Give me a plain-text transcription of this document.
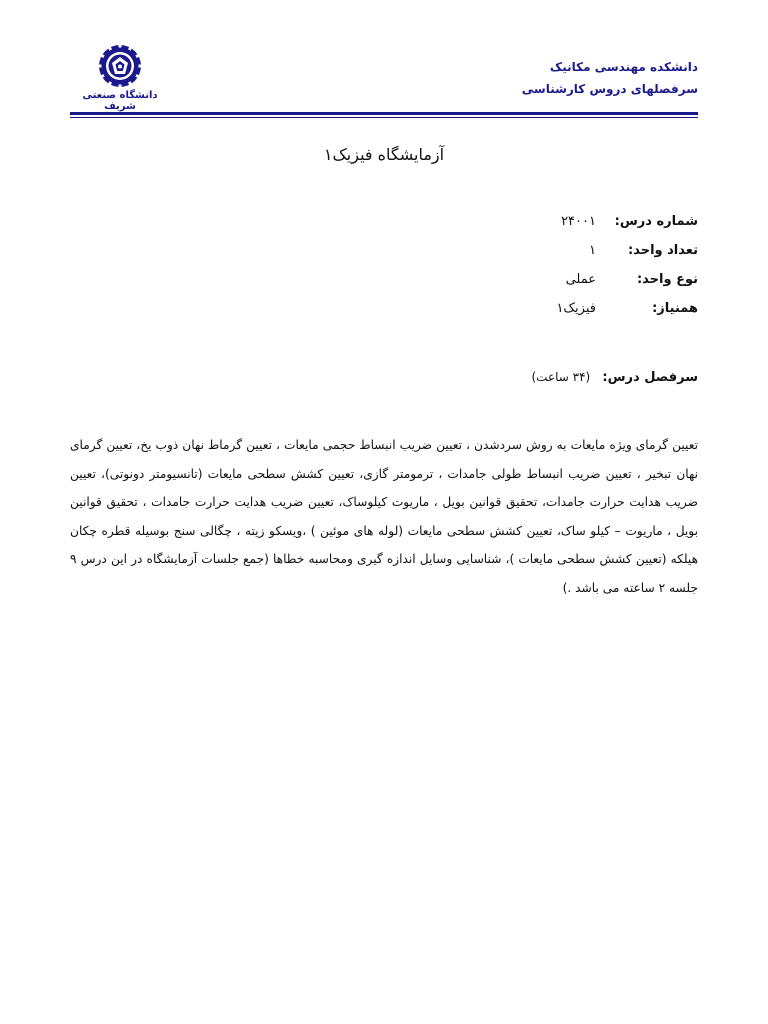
دانشکده مهندسی مکانیک
سرفصلهای دروس کارشناسی
دانشگاه صنعتی شریف
آزمایشگاه فیزیک۱
شماره درس:
۲۴۰۰۱
تعداد واحد:
۱
نوع واحد:
عملی
همنیاز:
فیزیک۱
سرفصل درس: (۳۴ ساعت)

تعیین گرمای ویژه مایعات به روش سردشدن ، تعیین ضریب انبساط حجمی مایعات ، تعیین گرماط نهان ذوب یخ، تعیین گرمای نهان تبخیر ، تعیین ضریب انبساط طولی جامدات ، ترمومتر گازی، تعیین کشش سطحی مایعات (تانسیومتر دونوتی)، تعیین ضریب هدایت حرارت جامدات، تحقیق قوانین بویل ، ماریوت کیلوساک، تعیین ضریب هدایت حرارت جامدات ، تحقیق قوانین بویل ، ماریوت – کیلو ساک، تعیین کشش سطحی مایعات (لوله های موئین ) ،ویسکو زیته ، چگالی سنج بوسیله قطره چکان هیلکه (تعیین کشش سطحی مایعات )، شناسایی وسایل اندازه گیری ومحاسبه خطاها (جمع جلسات آزمایشگاه در این درس ۹ جلسه ۲ ساعته می باشد .)
